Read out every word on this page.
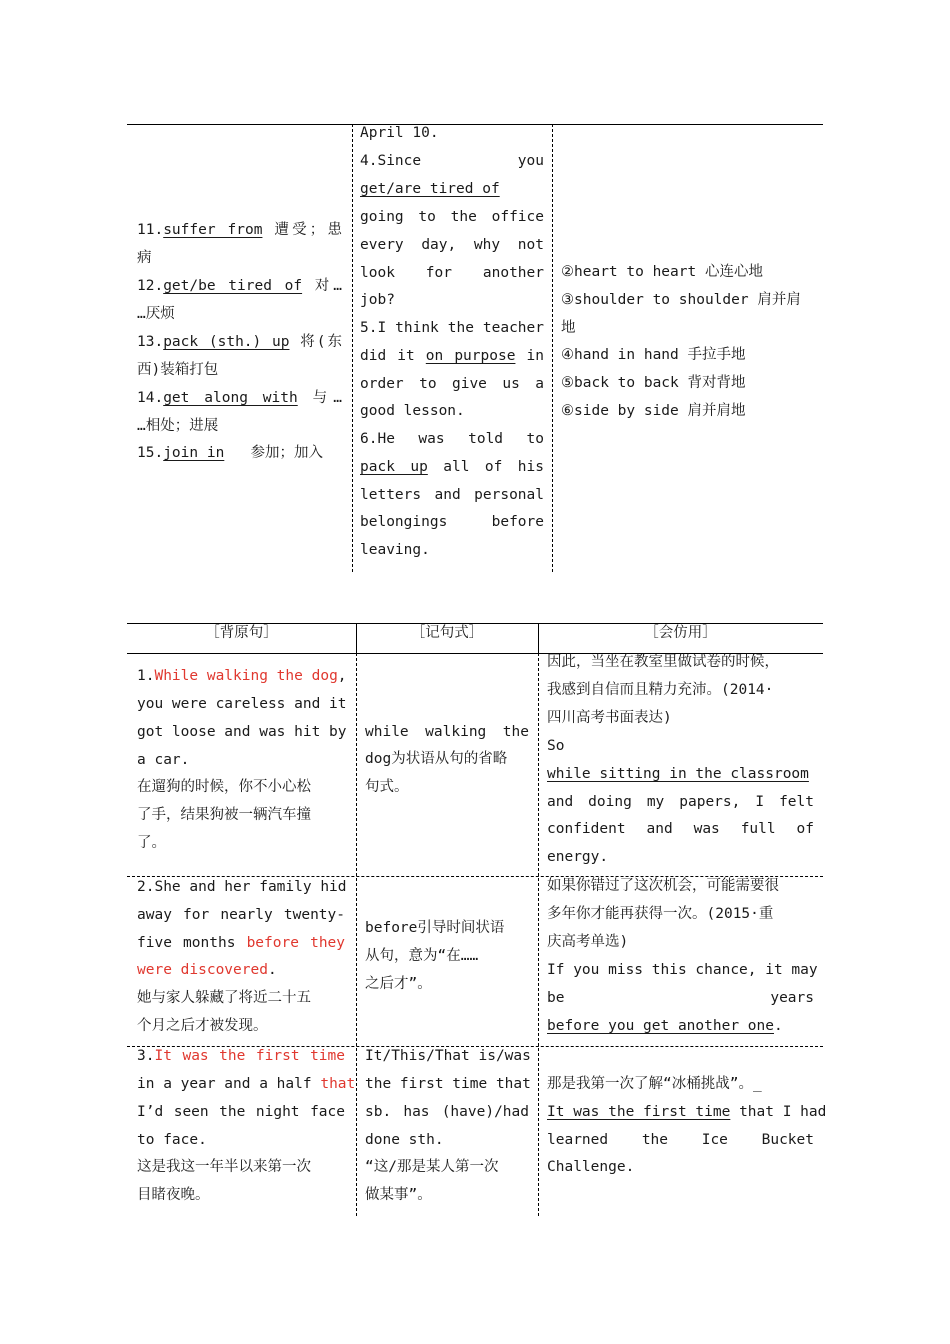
11.suffer from 遭受；患
病
12.get/be tired of 对…
…厌烦
13.pack (sth.) up 将(东
西)装箱打包
14.get along with 与…
…相处；进展
15.join in 参加；加入
April 10.
4.Since you
get/are tired of
going to the office
every day, why not
look for another
job?
5.I think the teacher
did it on purpose in
order to give us a
good lesson.
6.He was told to
pack up all of his
letters and personal
belongings before
leaving.
②heart to heart 心连心地
③shoulder to shoulder 肩并肩
地
④hand in hand 手拉手地
⑤back to back 背对背地
⑥side by side 肩并肩地
［背原句］	［记句式］	［会仿用］
1.While walking the dog,
you were careless and it
got loose and was hit by
a car.
在遛狗的时候，你不小心松
了手，结果狗被一辆汽车撞
了。
while walking the
dog为状语从句的省略
句式。
因此，当坐在教室里做试卷的时候，
我感到自信而且精力充沛。(2014·
四川高考书面表达)
So
while sitting in the classroom
and doing my papers, I felt
confident and was full of
energy.
2.She and her family hid
away for nearly twenty-
five months before they
were discovered.
她与家人躲藏了将近二十五
个月之后才被发现。
before引导时间状语
从句，意为“在……
之后才”。
如果你错过了这次机会，可能需要很
多年你才能再获得一次。(2015·重
庆高考单选)
If you miss this chance, it may
be years
before you get another one.
3.It was the first time
in a year and a half that
I’d seen the night face
to face.
这是我这一年半以来第一次
目睹夜晚。
It/This/That is/was
the first time that
sb. has (have)/had
done sth.
“这/那是某人第一次
做某事”。
那是我第一次了解“冰桶挑战”。_
It was the first time that I had
learned the Ice Bucket
Challenge.
